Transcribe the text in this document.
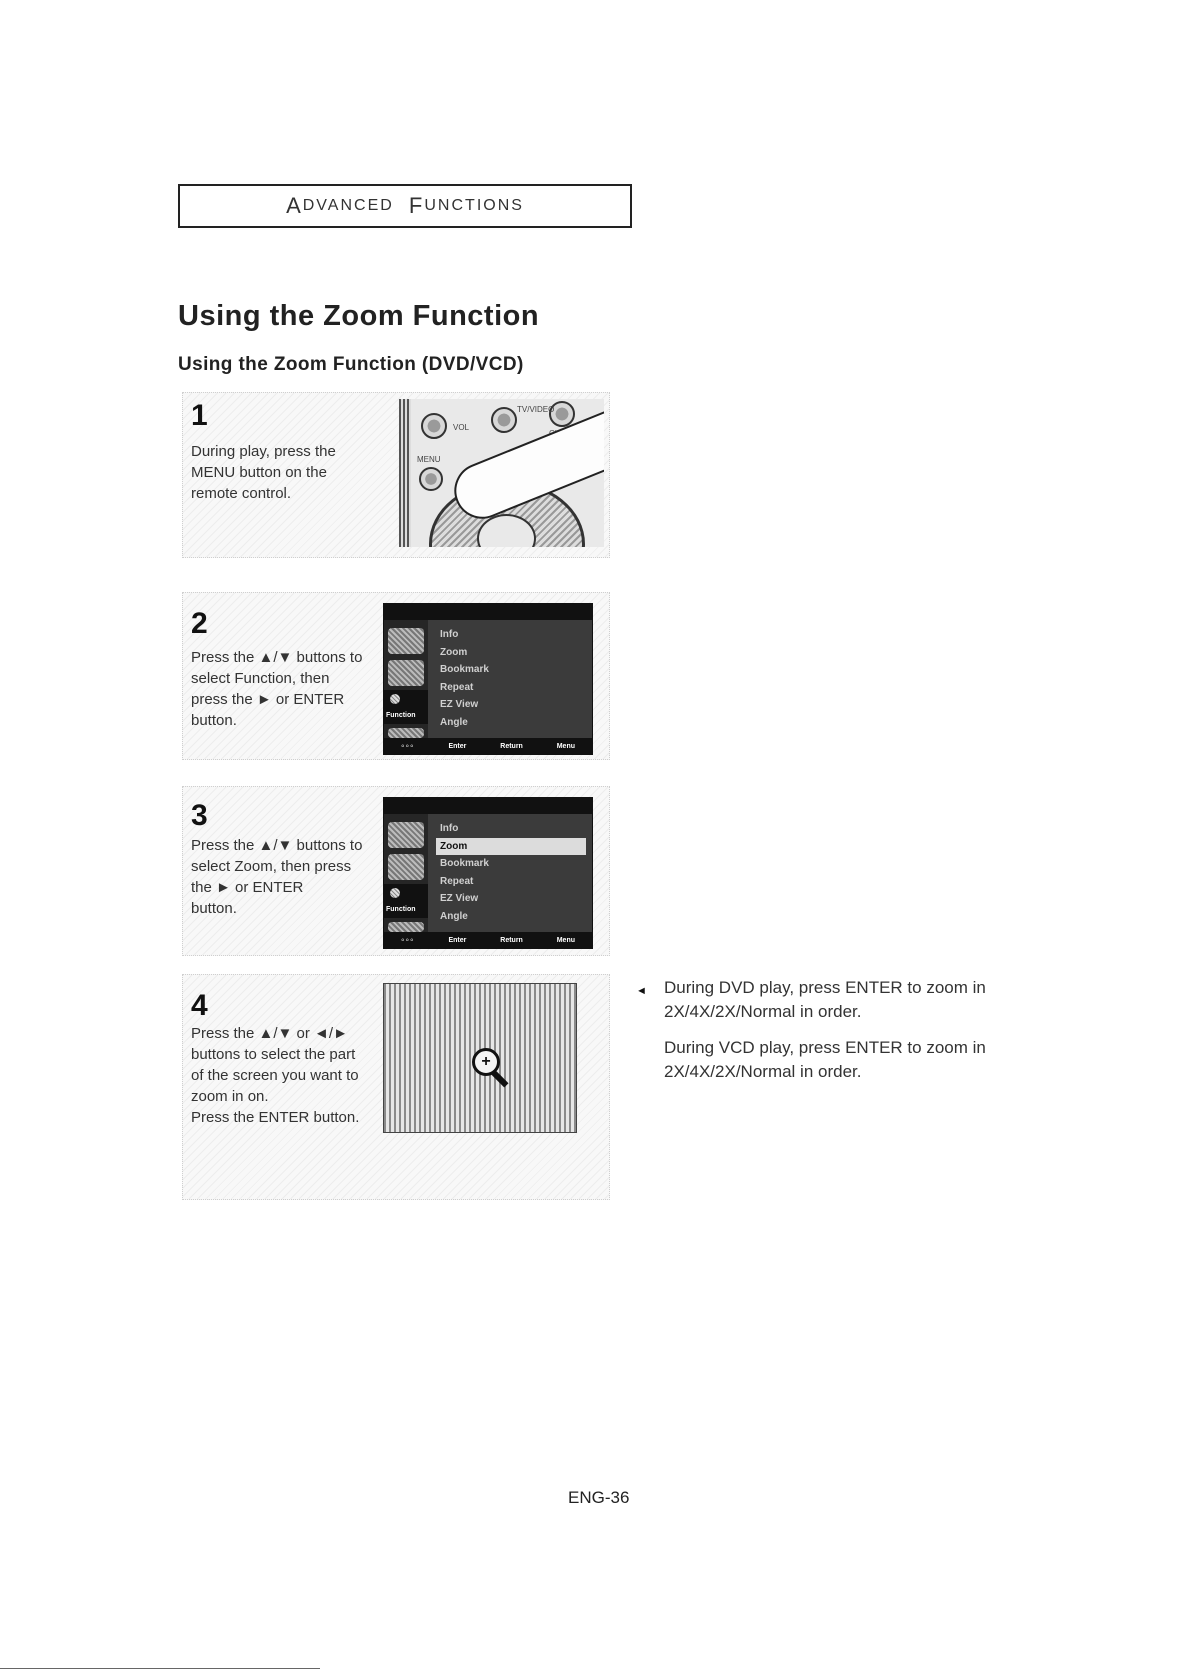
A DVANCED
F UNCTIONS
Using the Zoom Function
Using the Zoom Function (DVD/VCD)
1
During play, press the
MENU button on the
remote control.
VOL
TV/VIDEO
MENU
2
Press the ▲/▼ buttons to
select Function, then
press the ► or ENTER
button.	Function
Info
Zoom
Bookmark
Repeat
EZ View
Angle
◦◦◦	Enter	Return	Menu
3
Press the ▲/▼ buttons to
select Zoom, then press
the ► or ENTER
button.	Function
Info
Zoom
Bookmark
Repeat
EZ View
Angle
◦◦◦	Enter	Return	Menu
4
Press the ▲/▼ or ◄/►
buttons to select the part
of the screen you want to
zoom in on.
Press the ENTER button.
+
◄ During DVD play, press ENTER to zoom in 2X/4X/2X/Normal in order.

During VCD play, press ENTER to zoom in 2X/4X/2X/Normal in order.

ENG-36
